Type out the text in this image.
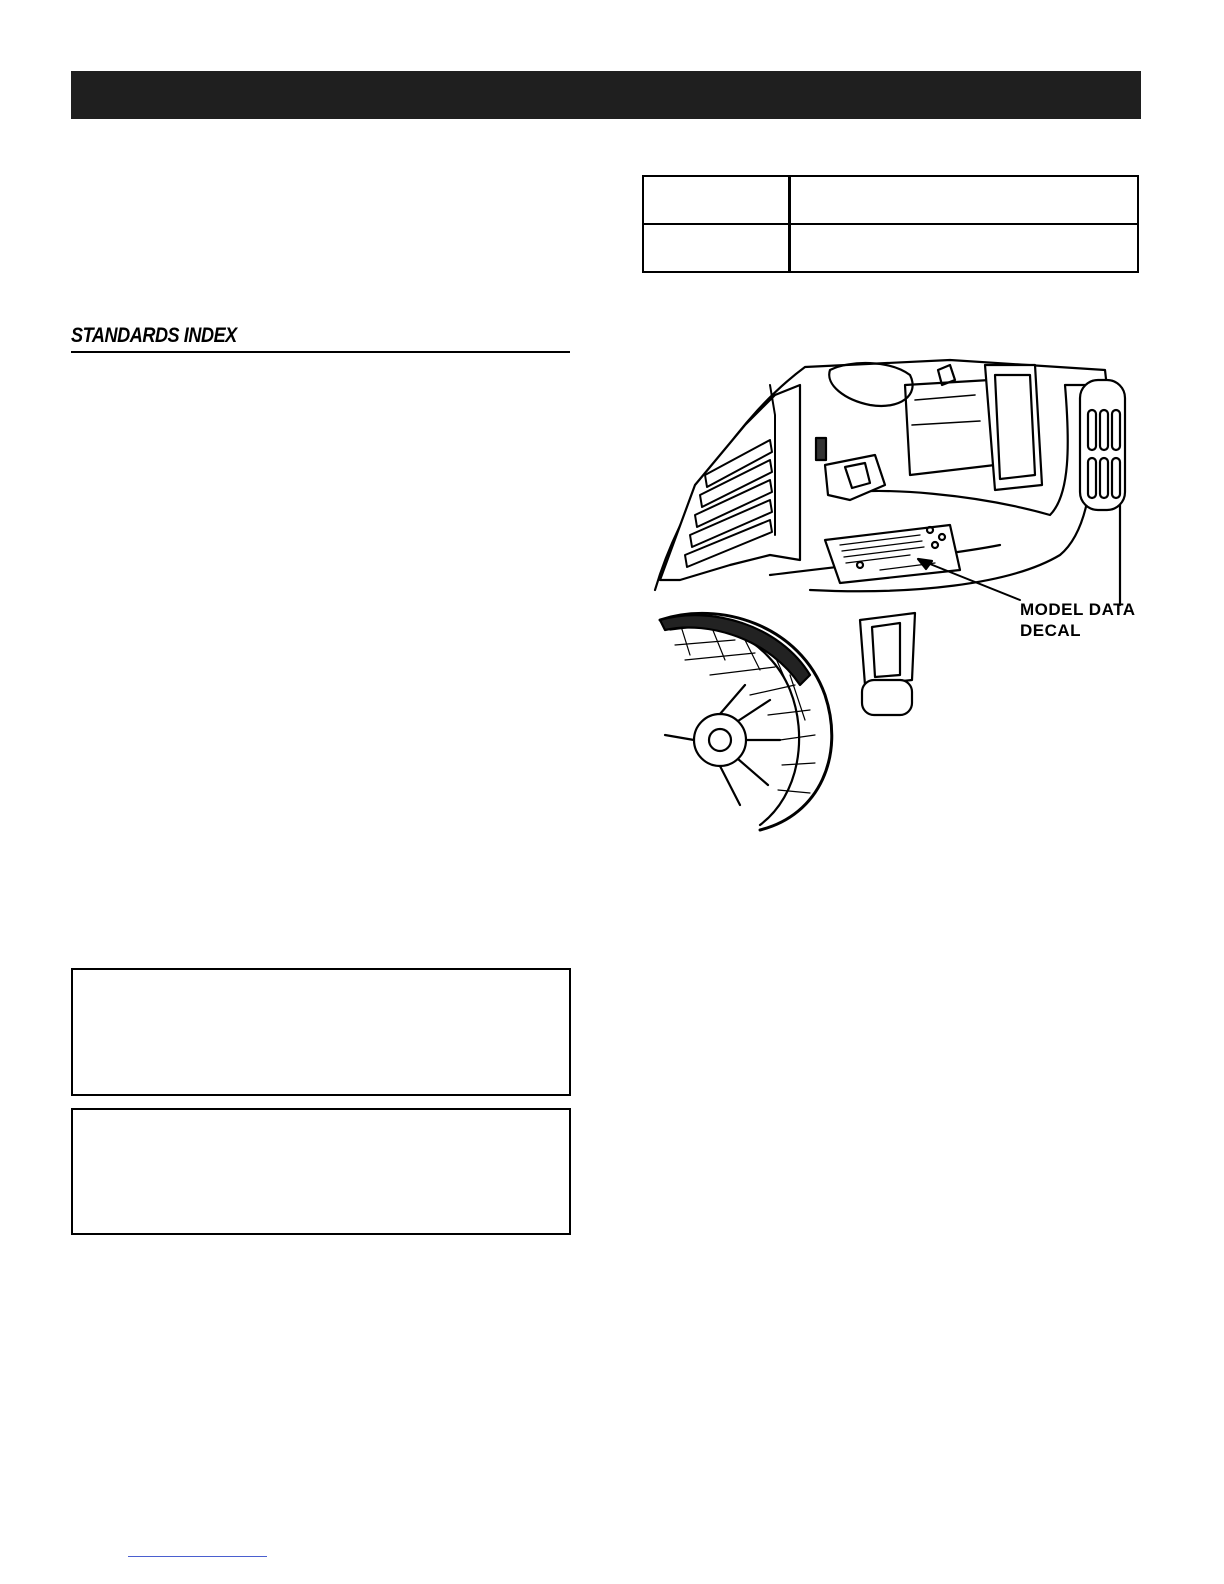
STANDARDS INDEX

MODEL DATA
DECAL
